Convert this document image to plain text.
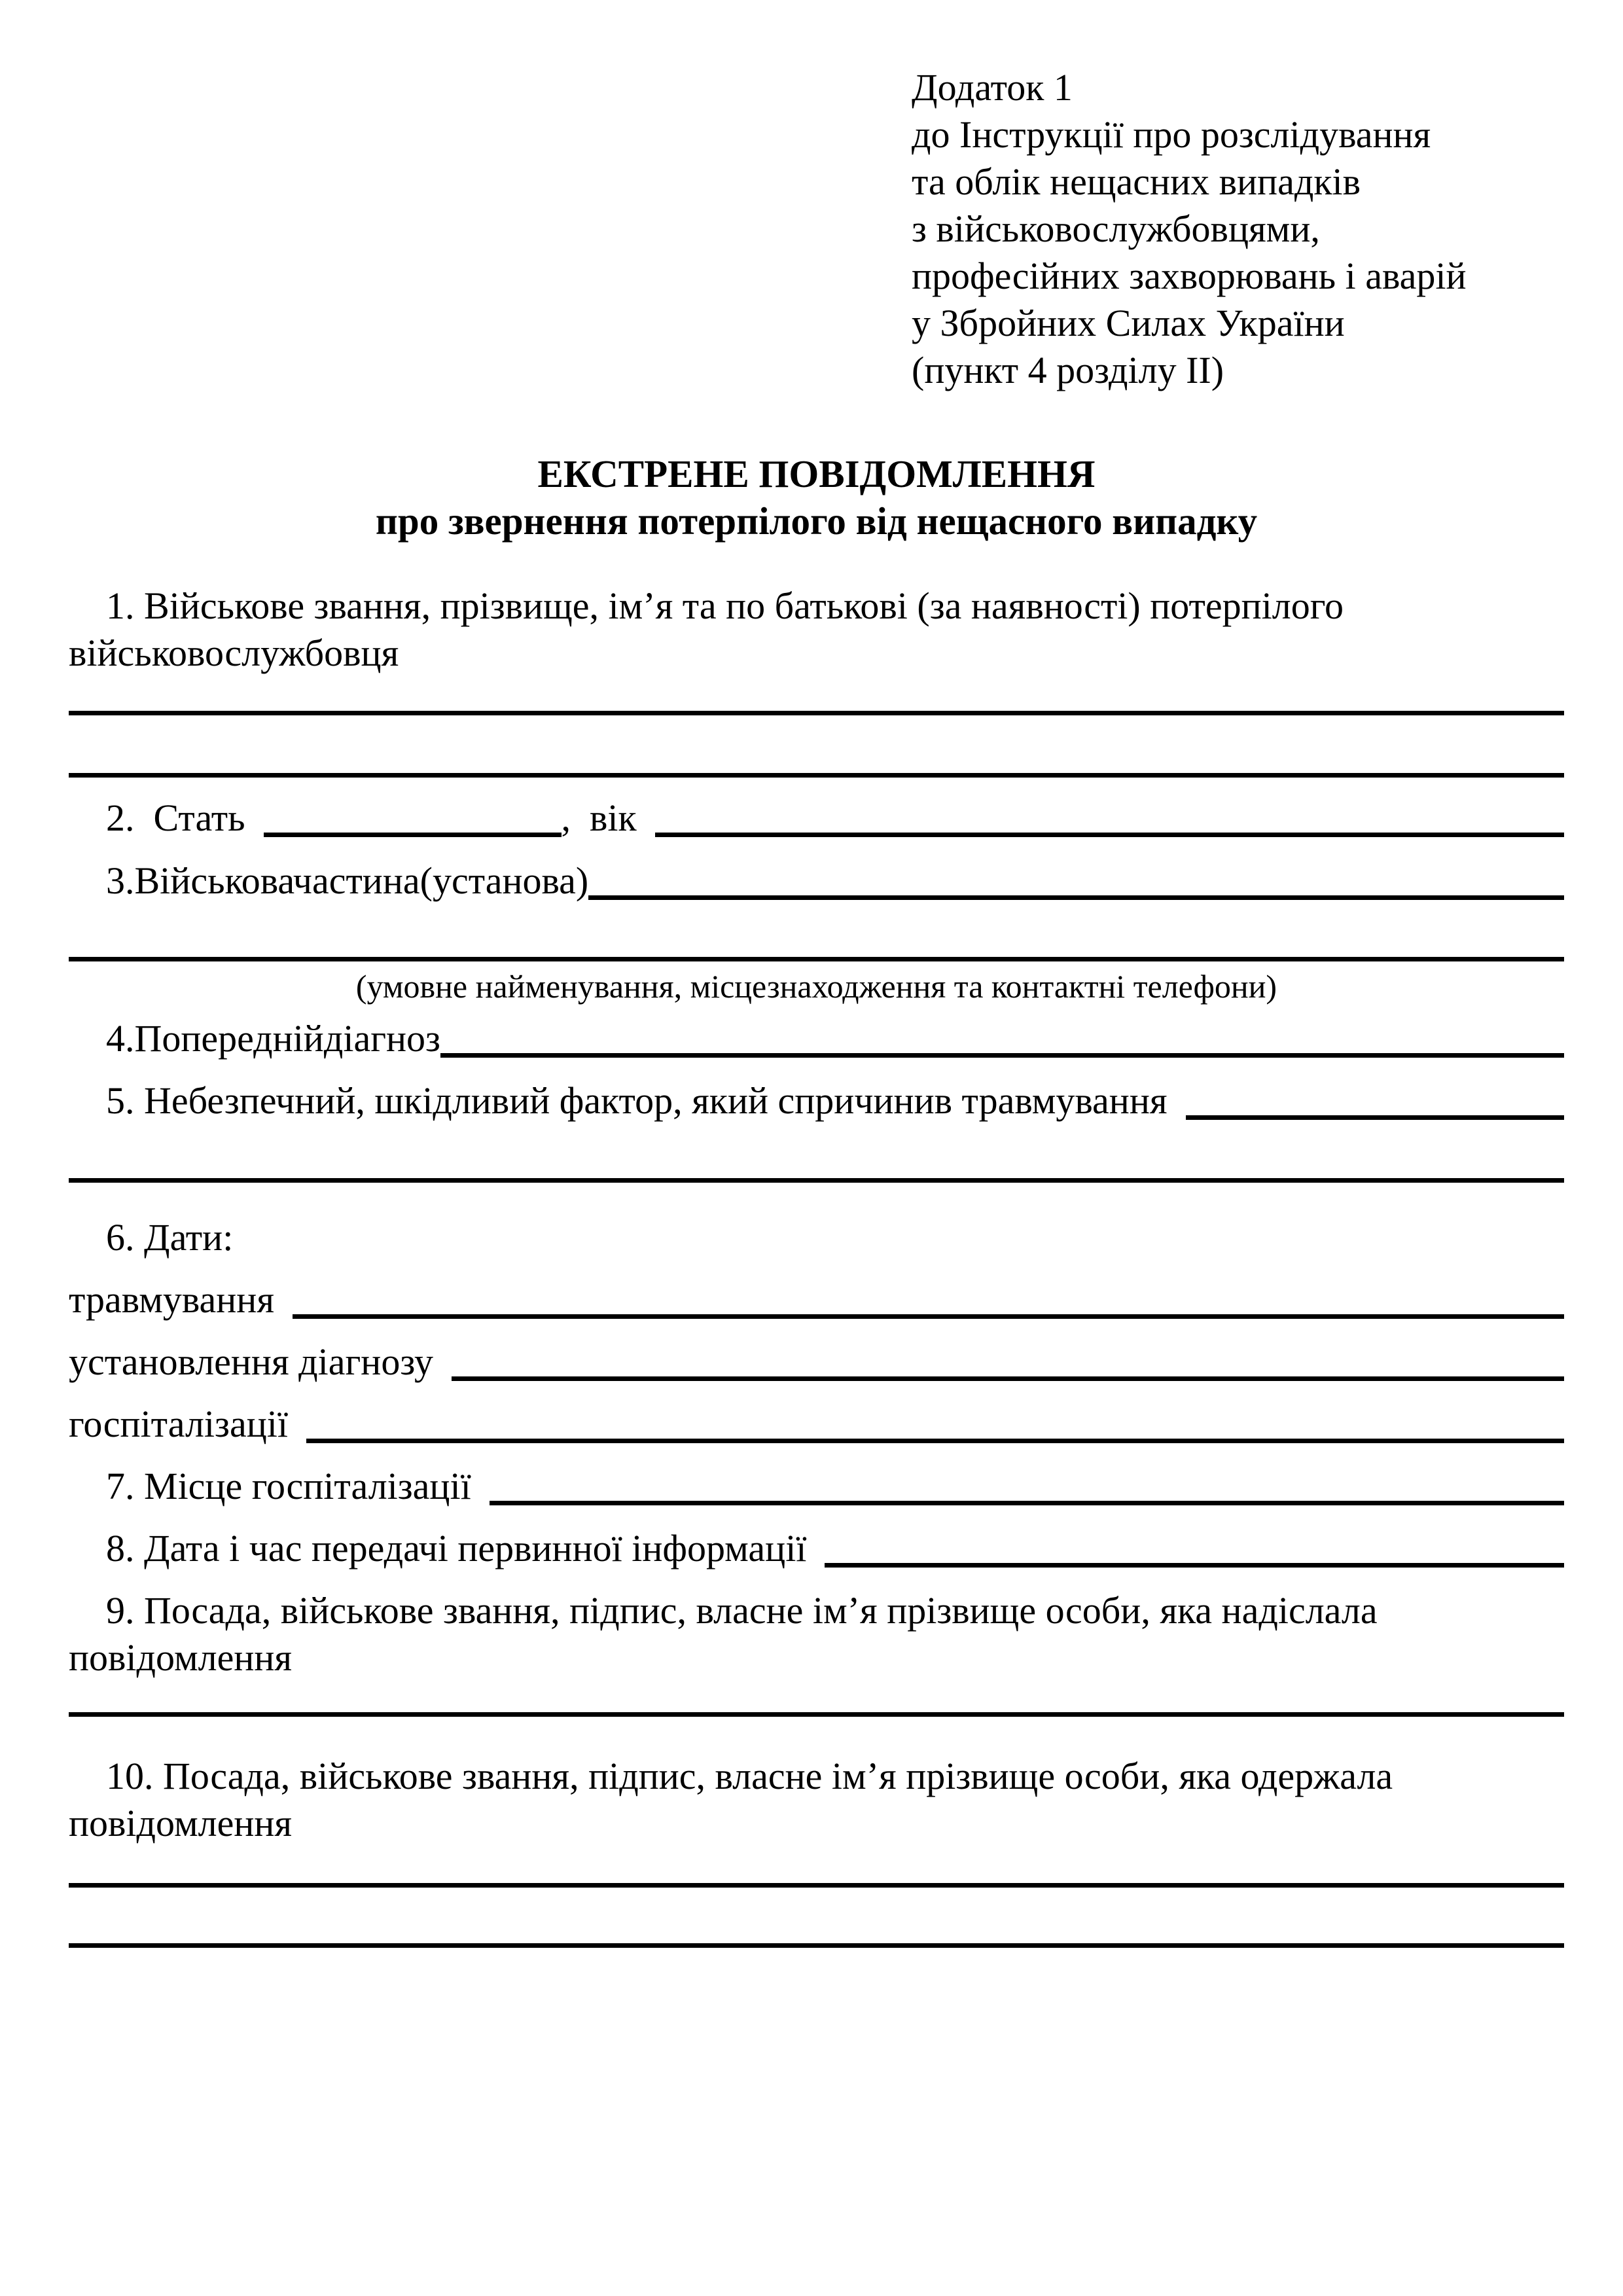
Додаток 1
до Інструкції про розслідування
та облік нещасних випадків
з військовослужбовцями,
професійних захворювань і аварій
у Збройних Силах України
(пункт 4 розділу II)
ЕКСТРЕНЕ ПОВІДОМЛЕННЯ
про звернення потерпілого від нещасного випадку

1. Військове звання, прізвище, ім’я та по батькові (за наявності) потерпілого військовослужбовця

2.  Стать	,  вік
3.Військовачастина(установа)
(умовне найменування, місцезнаходження та контактні телефони)
4.Попереднійдіагноз
5. Небезпечний, шкідливий фактор, який спричинив травмування
6. Дати:
травмування
установлення діагнозу
госпіталізації
7. Місце госпіталізації
8. Дата і час передачі первинної інформації

9. Посада, військове звання, підпис, власне ім’я прізвище особи, яка надіслала повідомлення

10. Посада, військове звання, підпис, власне ім’я прізвище особи, яка одержала повідомлення
